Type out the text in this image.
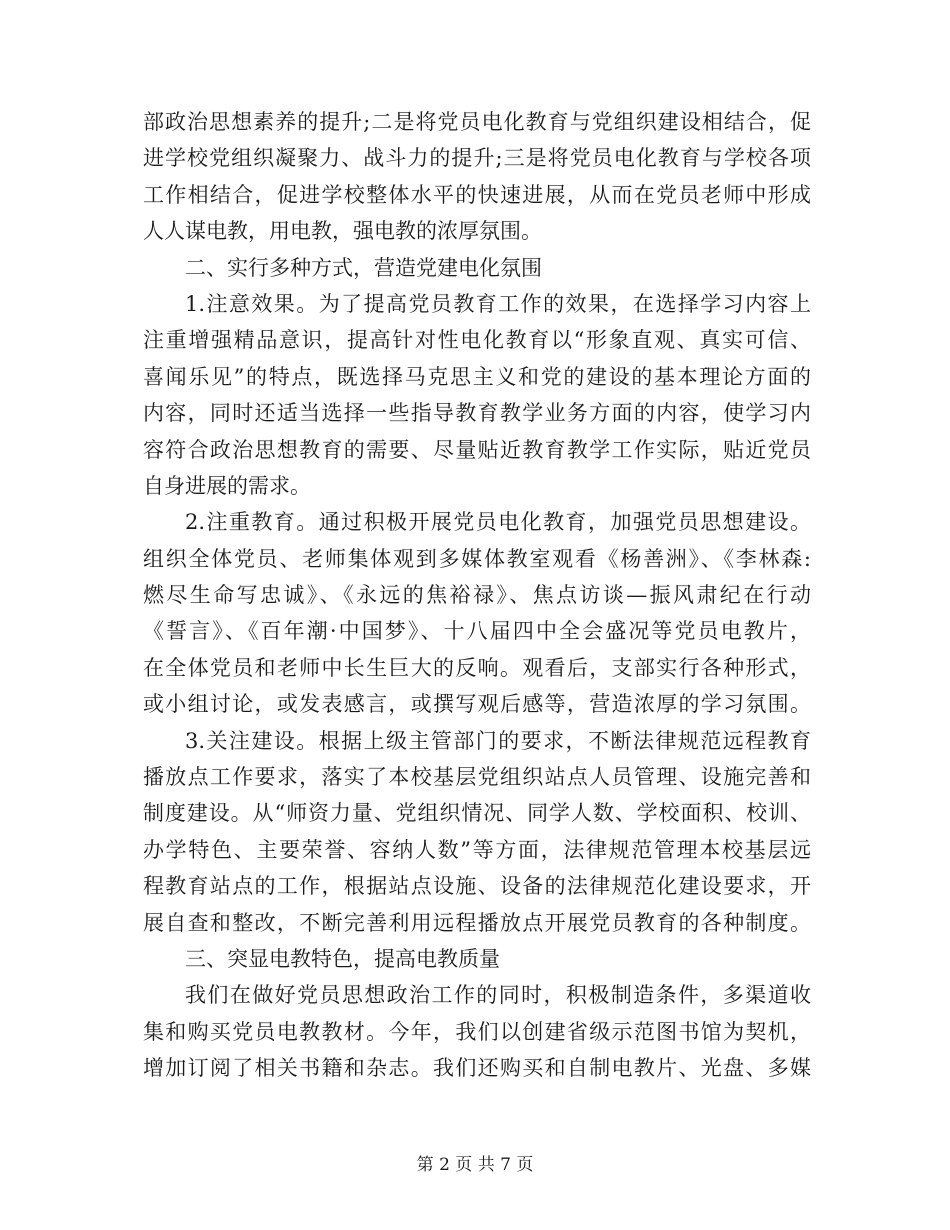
部政治思想素养的提升;二是将党员电化教育与党组织建设相结合，促
进学校党组织凝聚力、战斗力的提升;三是将党员电化教育与学校各项
工作相结合，促进学校整体水平的快速进展，从而在党员老师中形成
人人谋电教，用电教，强电教的浓厚氛围。
二、实行多种方式，营造党建电化氛围
1.注意效果。为了提高党员教育工作的效果，在选择学习内容上
注重增强精品意识，提高针对性电化教育以“形象直观、真实可信、
喜闻乐见”的特点，既选择马克思主义和党的建设的基本理论方面的
内容，同时还适当选择一些指导教育教学业务方面的内容，使学习内
容符合政治思想教育的需要、尽量贴近教育教学工作实际，贴近党员
自身进展的需求。
2.注重教育。通过积极开展党员电化教育，加强党员思想建设。
组织全体党员、老师集体观到多媒体教室观看《杨善洲》、《李林森:
燃尽生命写忠诚》、《永远的焦裕禄》、焦点访谈—振风肃纪在行动
《誓言》、《百年潮·中国梦》、十八届四中全会盛况等党员电教片，
在全体党员和老师中长生巨大的反响。观看后，支部实行各种形式，
或小组讨论，或发表感言，或撰写观后感等，营造浓厚的学习氛围。
3.关注建设。根据上级主管部门的要求，不断法律规范远程教育
播放点工作要求，落实了本校基层党组织站点人员管理、设施完善和
制度建设。从“师资力量、党组织情况、同学人数、学校面积、校训、
办学特色、主要荣誉、容纳人数”等方面，法律规范管理本校基层远
程教育站点的工作，根据站点设施、设备的法律规范化建设要求，开
展自查和整改，不断完善利用远程播放点开展党员教育的各种制度。
三、突显电教特色，提高电教质量
我们在做好党员思想政治工作的同时，积极制造条件，多渠道收
集和购买党员电教教材。今年，我们以创建省级示范图书馆为契机，
增加订阅了相关书籍和杂志。我们还购买和自制电教片、光盘、多媒
第 2 页 共 7 页
